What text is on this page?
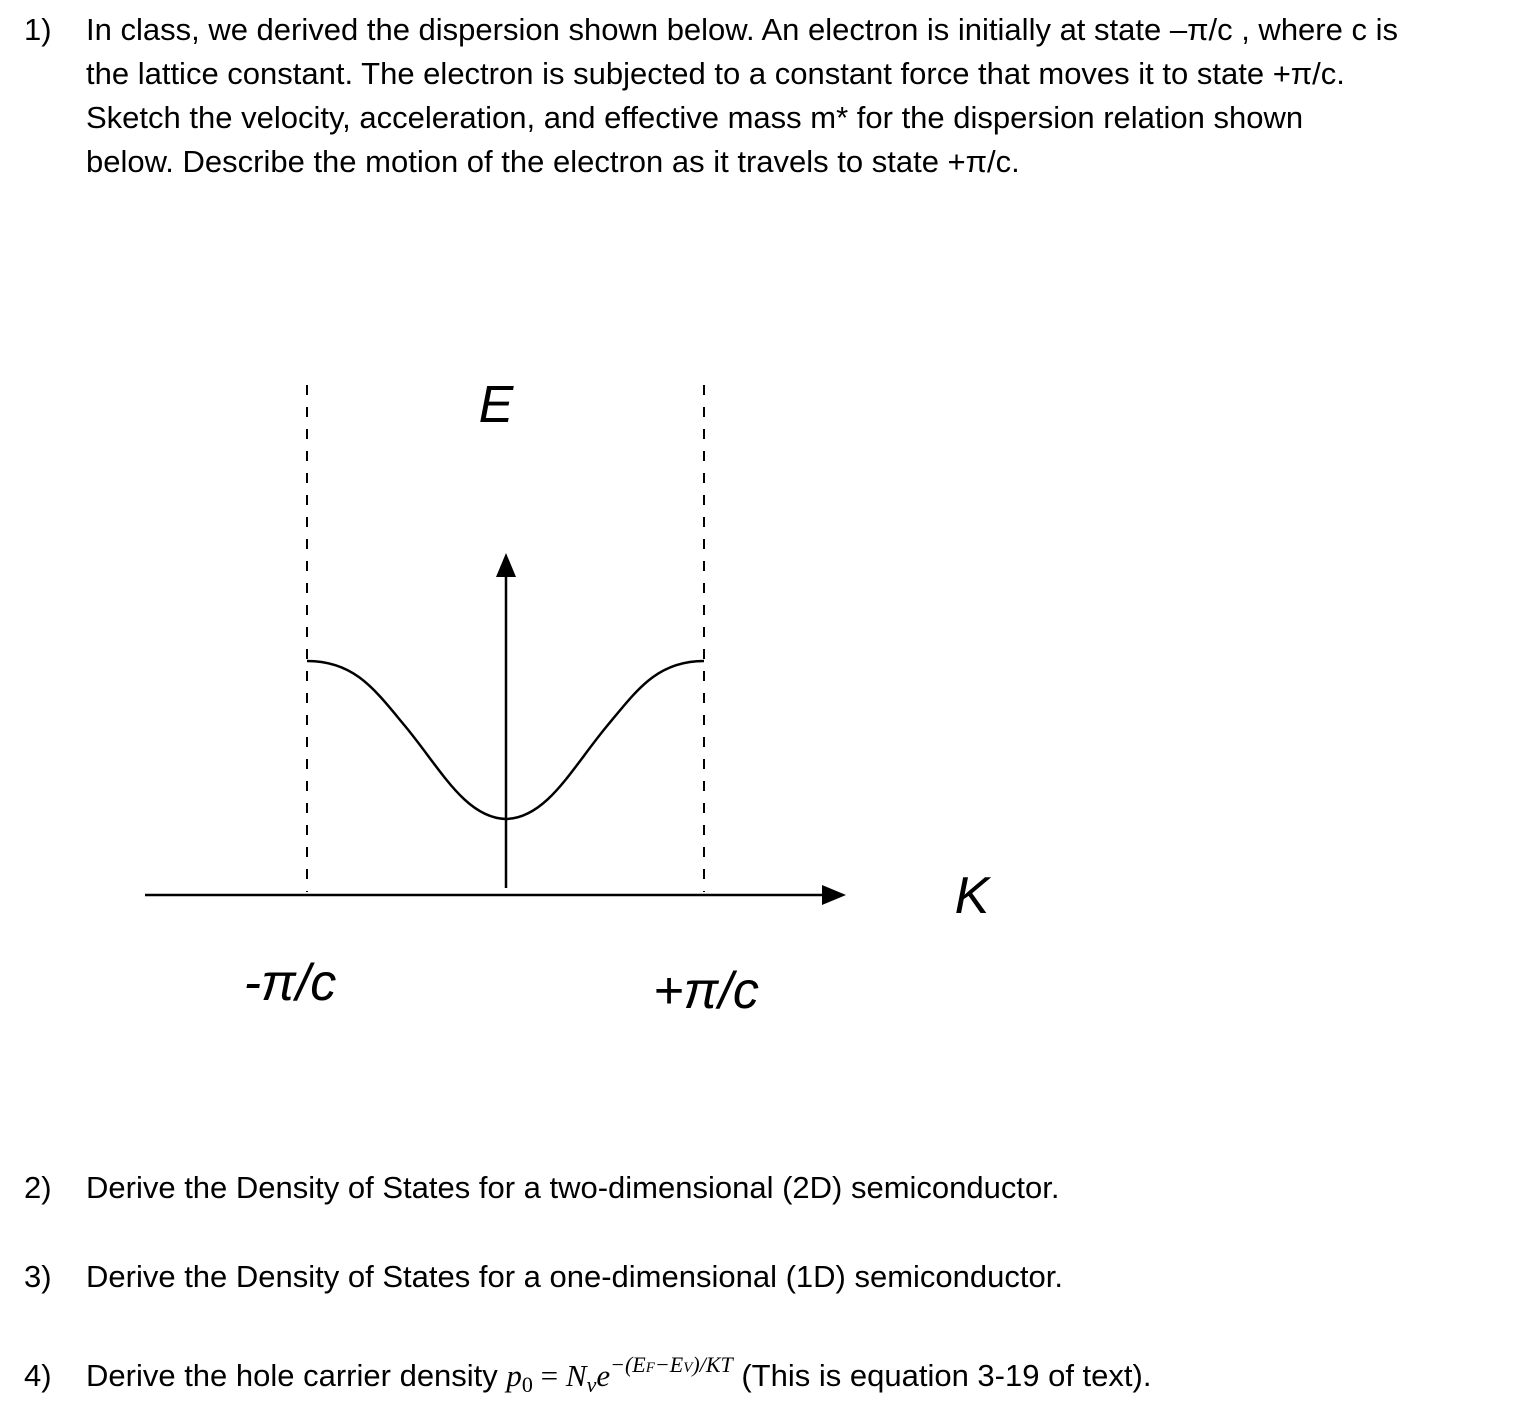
1) In class, we derived the dispersion shown below. An electron is initially at state –π/c , where c is
the lattice constant. The electron is subjected to a constant force that moves it to state +π/c.
Sketch the velocity, acceleration, and effective mass m* for the dispersion relation shown
below. Describe the motion of the electron as it travels to state +π/c.
E
K
-π/c	+π/c
2) Derive the Density of States for a two-dimensional (2D) semiconductor.
3) Derive the Density of States for a one-dimensional (1D) semiconductor.
4) Derive the hole carrier density $p_0 = N_ve^{-(EF-EV)/KT}$ (This is equation 3-19 of text).
